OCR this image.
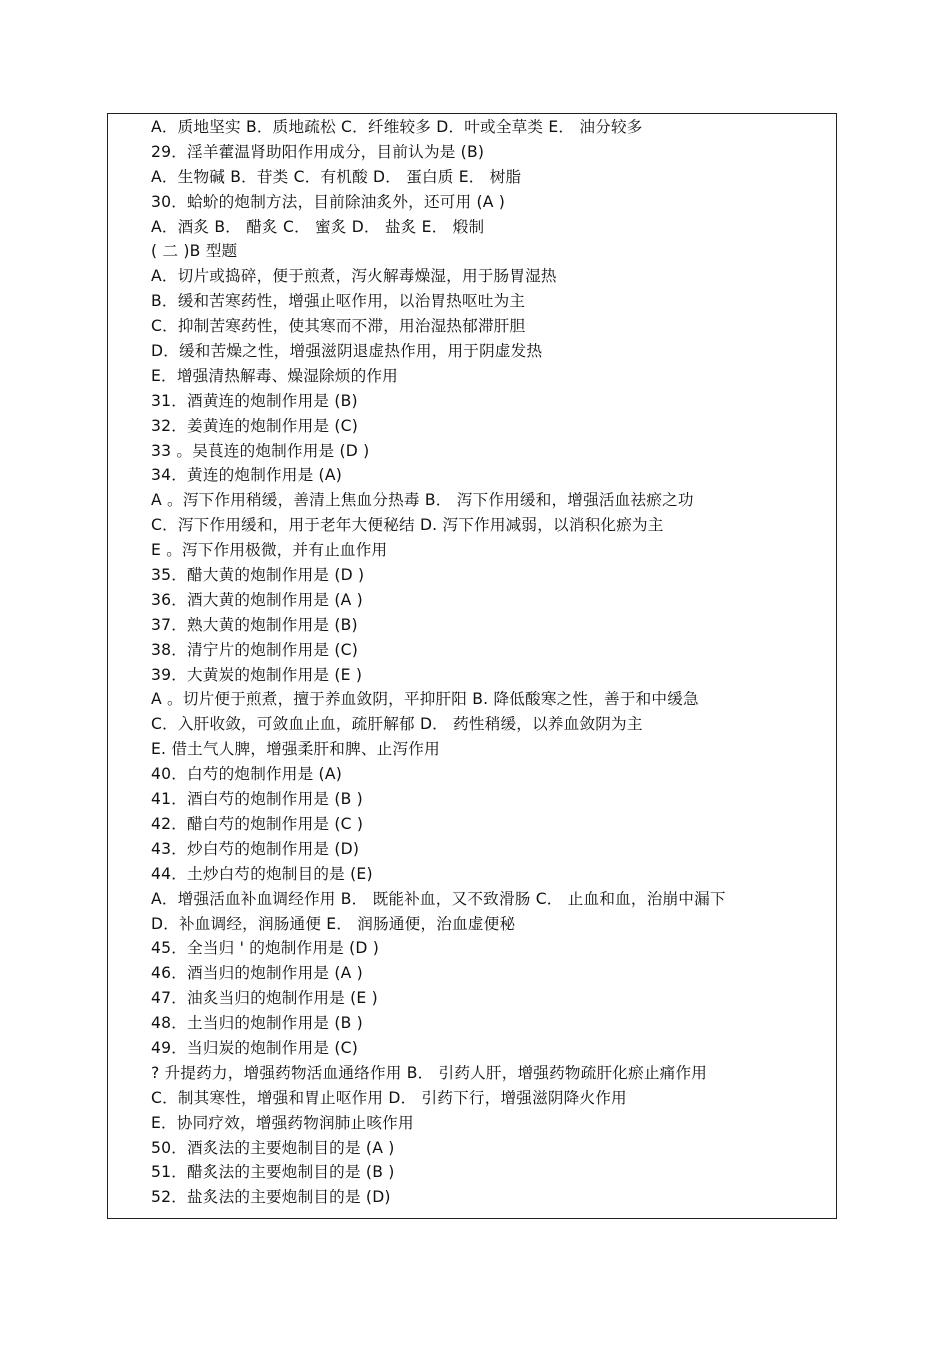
A．质地坚实 B．质地疏松 C．纤维较多 D．叶或全草类 E． 油分较多
29．淫羊藿温肾助阳作用成分，目前认为是 (B)
A．生物碱 B．苷类 C．有机酸 D． 蛋白质 E． 树脂
30．蛤蚧的炮制方法，目前除油炙外，还可用 (A )
A．酒炙 B． 醋炙 C． 蜜炙 D． 盐炙 E． 煅制
( 二 )B 型题
A．切片或捣碎，便于煎煮，泻火解毒燥湿，用于肠胃湿热
B．缓和苦寒药性，增强止呕作用，以治胃热呕吐为主
C．抑制苦寒药性，使其寒而不滞，用治湿热郁滞肝胆
D．缓和苦燥之性，增强滋阴退虚热作用，用于阴虚发热
E．增强清热解毒、燥湿除烦的作用
31．酒黄连的炮制作用是 (B)
32．姜黄连的炮制作用是 (C)
33 。吴茛连的炮制作用是 (D )
34．黄连的炮制作用是 (A)
A 。泻下作用稍缓，善清上焦血分热毒 B． 泻下作用缓和，增强活血祛瘀之功
C．泻下作用缓和，用于老年大便秘结 D. 泻下作用减弱，以消积化瘀为主
E 。泻下作用极微，并有止血作用
35．醋大黄的炮制作用是 (D )
36．酒大黄的炮制作用是 (A )
37．熟大黄的炮制作用是 (B)
38．清宁片的炮制作用是 (C)
39．大黄炭的炮制作用是 (E )
A 。切片便于煎煮，擅于养血敛阴，平抑肝阳 B. 降低酸寒之性，善于和中缓急
C．入肝收敛，可敛血止血，疏肝解郁 D． 药性稍缓，以养血敛阴为主
E. 借土气人脾，增强柔肝和脾、止泻作用
40．白芍的炮制作用是 (A)
41．酒白芍的炮制作用是 (B )
42．醋白芍的炮制作用是 (C )
43．炒白芍的炮制作用是 (D)
44．土炒白芍的炮制目的是 (E)
A．增强活血补血调经作用 B． 既能补血，又不致滑肠 C． 止血和血，治崩中漏下
D．补血调经，润肠通便 E． 润肠通便，治血虚便秘
45．全当归 ' 的炮制作用是 (D )
46．酒当归的炮制作用是 (A )
47．油炙当归的炮制作用是 (E )
48．土当归的炮制作用是 (B )
49．当归炭的炮制作用是 (C)
? 升提药力，增强药物活血通络作用 B． 引药人肝，增强药物疏肝化瘀止痛作用
C．制其寒性，增强和胃止呕作用 D． 引药下行，增强滋阴降火作用
E．协同疗效，增强药物润肺止咳作用
50．酒炙法的主要炮制目的是 (A )
51．醋炙法的主要炮制目的是 (B )
52．盐炙法的主要炮制目的是 (D)
